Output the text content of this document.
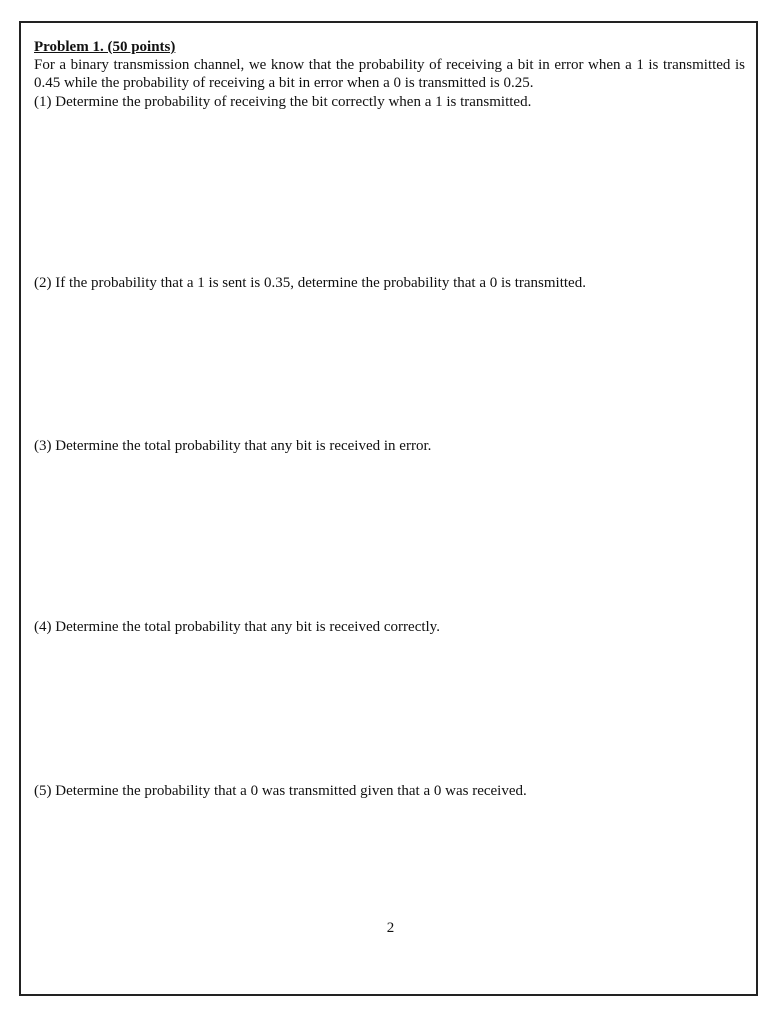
Problem 1. (50 points)
For a binary transmission channel, we know that the probability of receiving a bit in error when a 1 is transmitted is 0.45 while the probability of receiving a bit in error when a 0 is transmitted is 0.25.
(1) Determine the probability of receiving the bit correctly when a 1 is transmitted.
(2) If the probability that a 1 is sent is 0.35, determine the probability that a 0 is transmitted.
(3) Determine the total probability that any bit is received in error.
(4) Determine the total probability that any bit is received correctly.
(5) Determine the probability that a 0 was transmitted given that a 0 was received.
2
